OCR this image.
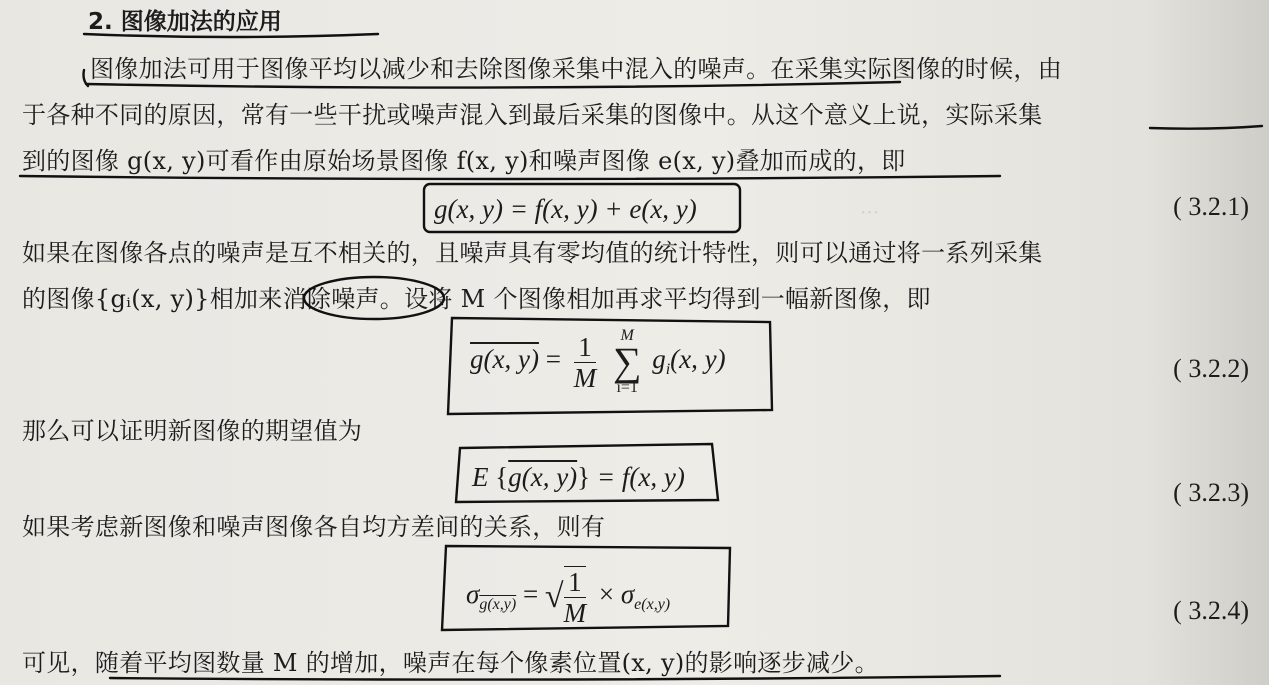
···
2. 图像加法的应用
图像加法可用于图像平均以减少和去除图像采集中混入的噪声。在采集实际图像的时候，由
于各种不同的原因，常有一些干扰或噪声混入到最后采集的图像中。从这个意义上说，实际采集
到的图像 g(x, y)可看作由原始场景图像 f(x, y)和噪声图像 e(x, y)叠加而成的，即
g(x, y) = f(x, y) + e(x, y)	( 3.2.1)
如果在图像各点的噪声是互不相关的，且噪声具有零均值的统计特性，则可以通过将一系列采集
的图像{gᵢ(x, y)}相加来消除噪声。设将 M 个图像相加再求平均得到一幅新图像，即
g(x, $y) = \frac{1}{M}$
	M
∑
i=1
$g_i(x$, y)	( 3.2.2)
那么可以证明新图像的期望值为
E {g(x, y)} = f(x, y)
( 3.2.3)
如果考虑新图像和噪声图像各自均方差间的关系，则有
$\sigma_{g(x,y)}$ = √ $\frac{1}{M} \times \sigma_{e(x,y)}$	( 3.2.4)
可见，随着平均图数量 M 的增加，噪声在每个像素位置(x, y)的影响逐步减少。
